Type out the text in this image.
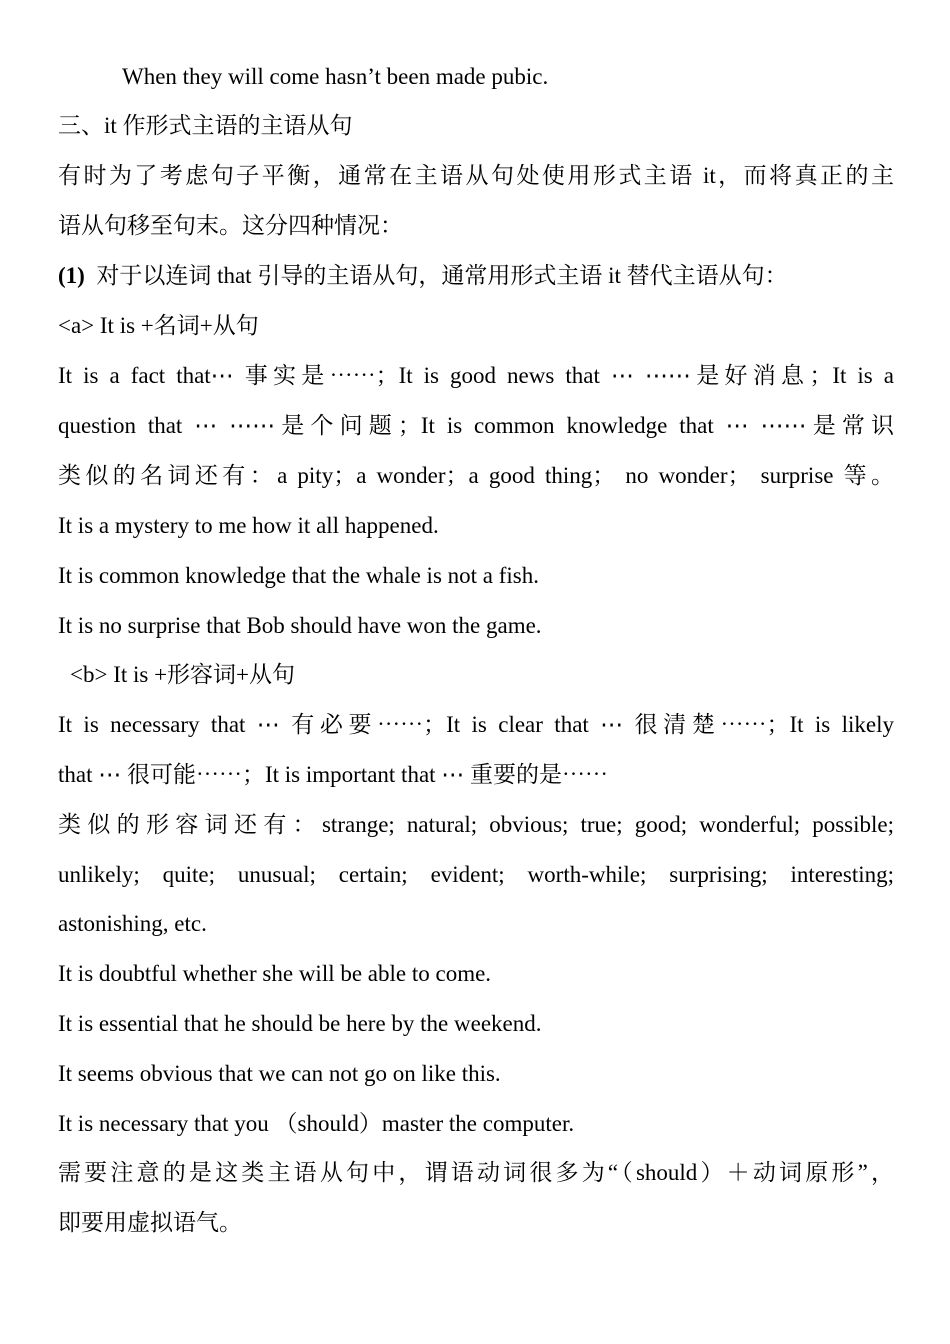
When they will come hasn’t been made pubic.
三、it 作形式主语的主语从句
有时为了考虑句子平衡，通常在主语从句处使用形式主语 it，而将真正的主
语从句移至句末。这分四种情况：
(1) 对于以连词 that 引导的主语从句，通常用形式主语 it 替代主语从句：
<a> It is +名词+从句
It is a fact that⋯ 事实是⋯⋯；It is good news that ⋯ ⋯⋯是好消息；It is a
question that ⋯ ⋯⋯是个问题；It is common knowledge that ⋯ ⋯⋯是常识
类似的名词还有：a pity；a wonder；a good thing； no wonder； surprise 等。
It is a mystery to me how it all happened.
It is common knowledge that the whale is not a fish.
It is no surprise that Bob should have won the game.
<b> It is +形容词+从句
It is necessary that ⋯ 有必要⋯⋯；It is clear that ⋯ 很清楚⋯⋯；It is likely
that ⋯ 很可能⋯⋯；It is important that ⋯ 重要的是⋯⋯
类似的形容词还有：strange; natural; obvious; true; good; wonderful; possible;
unlikely; quite; unusual; certain; evident; worth-while; surprising; interesting;
astonishing, etc.
It is doubtful whether she will be able to come.
It is essential that he should be here by the weekend.
It seems obvious that we can not go on like this.
It is necessary that you （should）master the computer.
需要注意的是这类主语从句中，谓语动词很多为“（should）＋动词原形”，
即要用虚拟语气。
